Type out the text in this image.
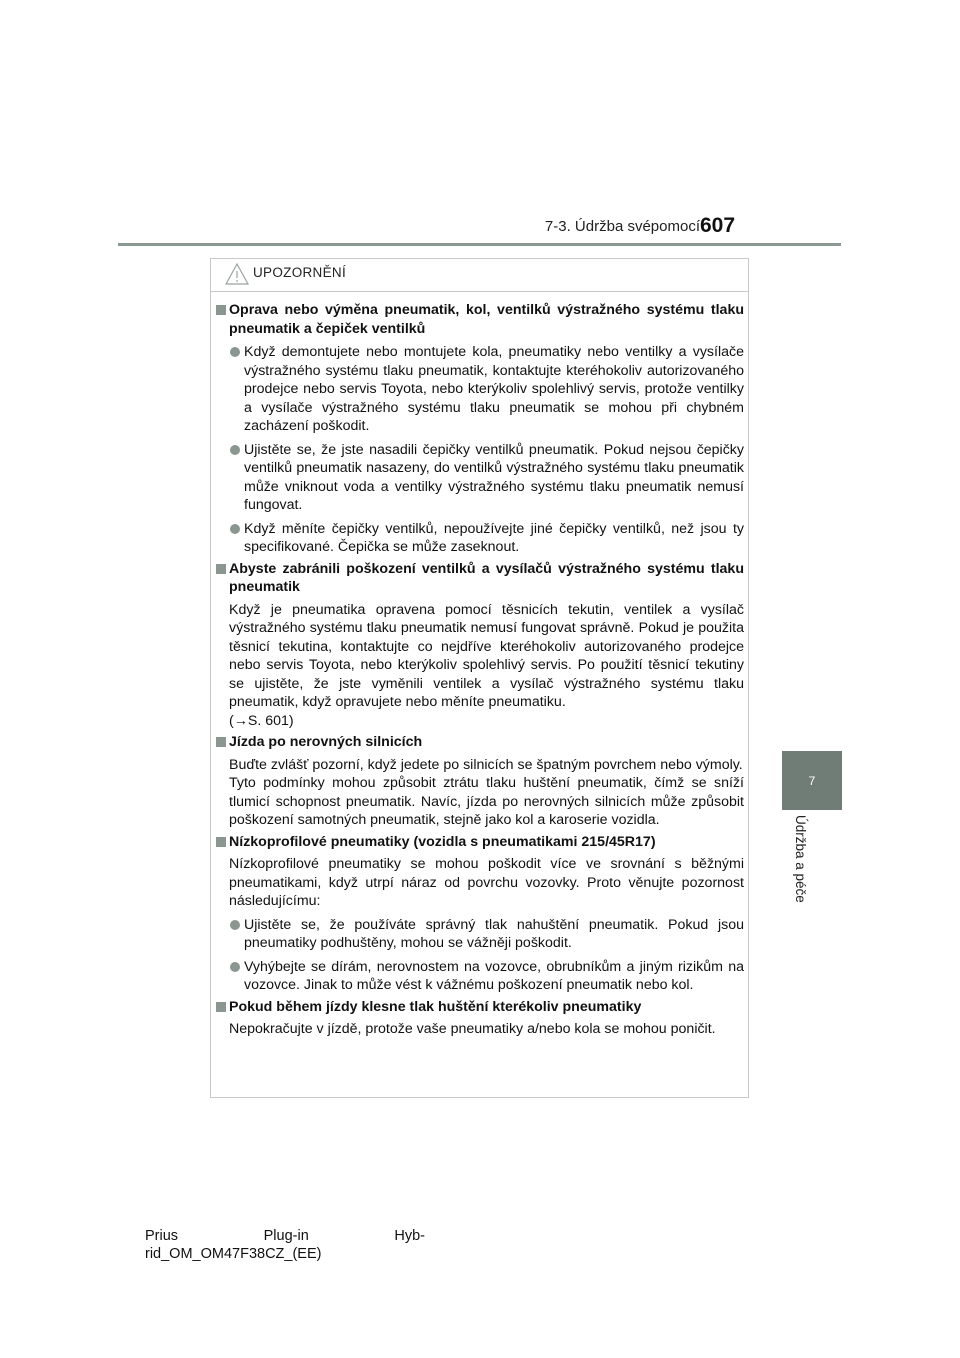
7-3. Údržba svépomocí 607
7
Údržba a péče
UPOZORNĚNÍ
Oprava nebo výměna pneumatik, kol, ventilků výstražného systému tlaku pneumatik a čepiček ventilků
Když demontujete nebo montujete kola, pneumatiky nebo ventilky a vysílače výstražného systému tlaku pneumatik, kontaktujte kteréhokoliv autorizovaného prodejce nebo servis Toyota, nebo kterýkoliv spolehlivý servis, protože ventilky a vysílače výstražného systému tlaku pneumatik se mohou při chybném zacházení poškodit.
Ujistěte se, že jste nasadili čepičky ventilků pneumatik. Pokud nejsou čepičky ventilků pneumatik nasazeny, do ventilků výstražného systému tlaku pneumatik může vniknout voda a ventilky výstražného systému tlaku pneumatik nemusí fungovat.
Když měníte čepičky ventilků, nepoužívejte jiné čepičky ventilků, než jsou ty specifikované. Čepička se může zaseknout.
Abyste zabránili poškození ventilků a vysílačů výstražného systému tlaku pneumatik
Když je pneumatika opravena pomocí těsnicích tekutin, ventilek a vysílač výstražného systému tlaku pneumatik nemusí fungovat správně. Pokud je použita těsnicí tekutina, kontaktujte co nejdříve kteréhokoliv autorizovaného prodejce nebo servis Toyota, nebo kterýkoliv spolehlivý servis. Po použití těsnicí tekutiny se ujistěte, že jste vyměnili ventilek a vysílač výstražného systému tlaku pneumatik, když opravujete nebo měníte pneumatiku.
(→S. 601)
Jízda po nerovných silnicích
Buďte zvlášť pozorní, když jedete po silnicích se špatným povrchem nebo výmoly.
Tyto podmínky mohou způsobit ztrátu tlaku huštění pneumatik, čímž se sníží tlumicí schopnost pneumatik. Navíc, jízda po nerovných silnicích může způsobit poškození samotných pneumatik, stejně jako kol a karoserie vozidla.
Nízkoprofilové pneumatiky (vozidla s pneumatikami 215/45R17)
Nízkoprofilové pneumatiky se mohou poškodit více ve srovnání s běžnými pneumatikami, když utrpí náraz od povrchu vozovky. Proto věnujte pozornost následujícímu:
Ujistěte se, že používáte správný tlak nahuštění pneumatik. Pokud jsou pneumatiky podhuštěny, mohou se vážněji poškodit.
Vyhýbejte se dírám, nerovnostem na vozovce, obrubníkům a jiným rizikům na vozovce. Jinak to může vést k vážnému poškození pneumatik nebo kol.
Pokud během jízdy klesne tlak huštění kterékoliv pneumatiky
Nepokračujte v jízdě, protože vaše pneumatiky a/nebo kola se mohou poničit.
Prius	Plug-in	Hyb-
rid_OM_OM47F38CZ_(EE)
